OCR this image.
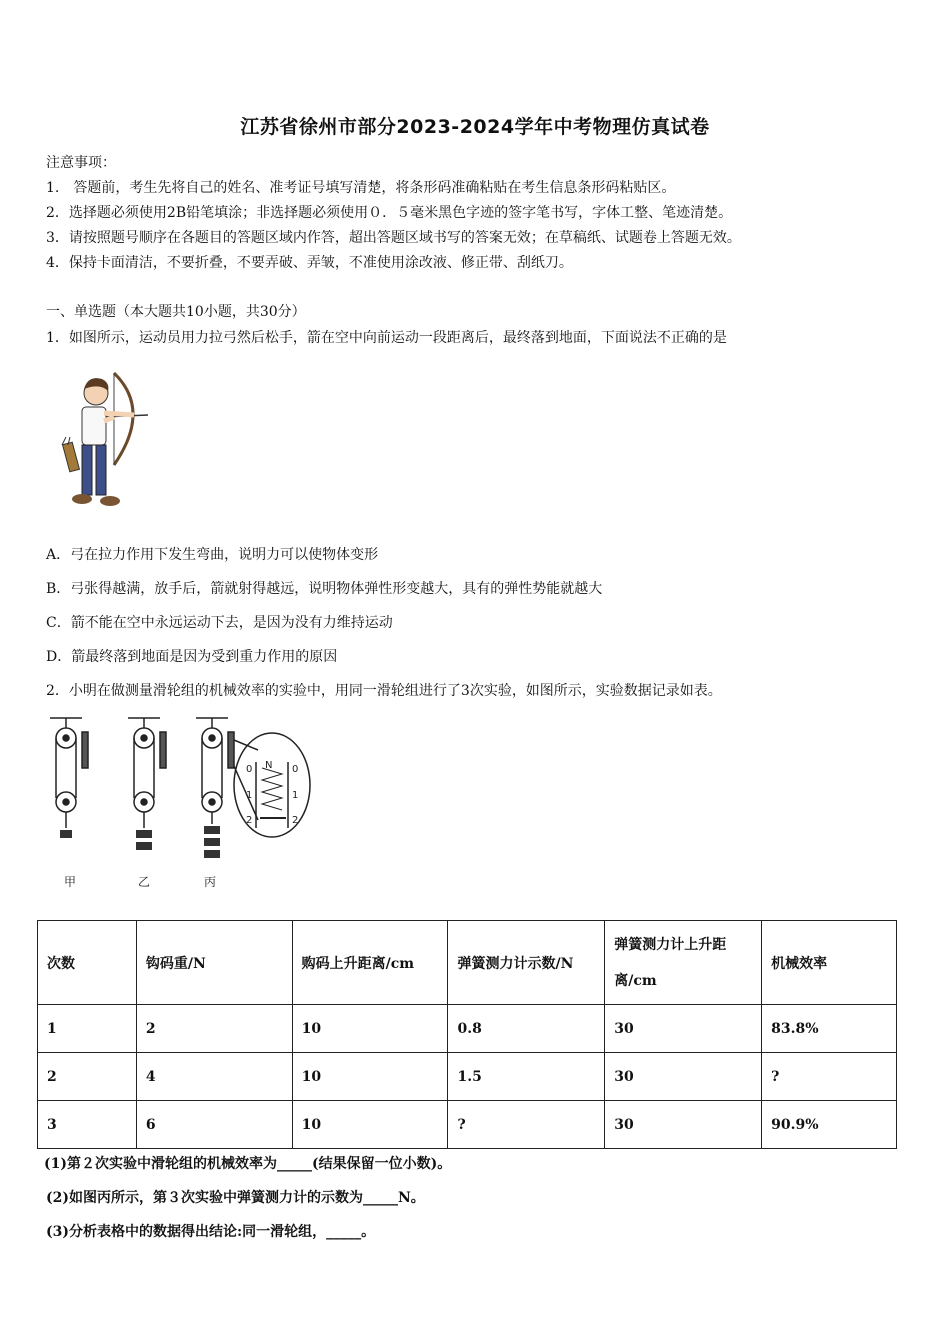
江苏省徐州市部分2023-2024学年中考物理仿真试卷
注意事项：
1.　答题前，考生先将自己的姓名、准考证号填写清楚，将条形码准确粘贴在考生信息条形码粘贴区。
2．选择题必须使用2B铅笔填涂；非选择题必须使用０．５毫米黑色字迹的签字笔书写，字体工整、笔迹清楚。
3．请按照题号顺序在各题目的答题区域内作答，超出答题区域书写的答案无效；在草稿纸、试题卷上答题无效。
4．保持卡面清洁，不要折叠，不要弄破、弄皱，不准使用涂改液、修正带、刮纸刀。
一、单选题（本大题共10小题，共30分）
1．如图所示，运动员用力拉弓然后松手，箭在空中向前运动一段距离后，最终落到地面，下面说法不正确的是
A．弓在拉力作用下发生弯曲，说明力可以使物体变形
B．弓张得越满，放手后，箭就射得越远，说明物体弹性形变越大，具有的弹性势能就越大
C．箭不能在空中永远运动下去，是因为没有力维持运动
D．箭最终落到地面是因为受到重力作用的原因
2．小明在做测量滑轮组的机械效率的实验中，用同一滑轮组进行了3次实验，如图所示，实验数据记录如表。
N
0	0
1	1
2	2
甲	乙	丙
次数	钩码重/N	购码上升距离/cm	弹簧测力计示数/N	弹簧测力计上升距离/cm	机械效率
1	2	10	0.8	30	83.8%
2	4	10	1.5	30	?
3	6	10	?	30	90.9%
(1)第２次实验中滑轮组的机械效率为_____(结果保留一位小数)。
(2)如图丙所示，第３次实验中弹簧测力计的示数为_____N。
(3)分析表格中的数据得出结论:同一滑轮组，_____。
